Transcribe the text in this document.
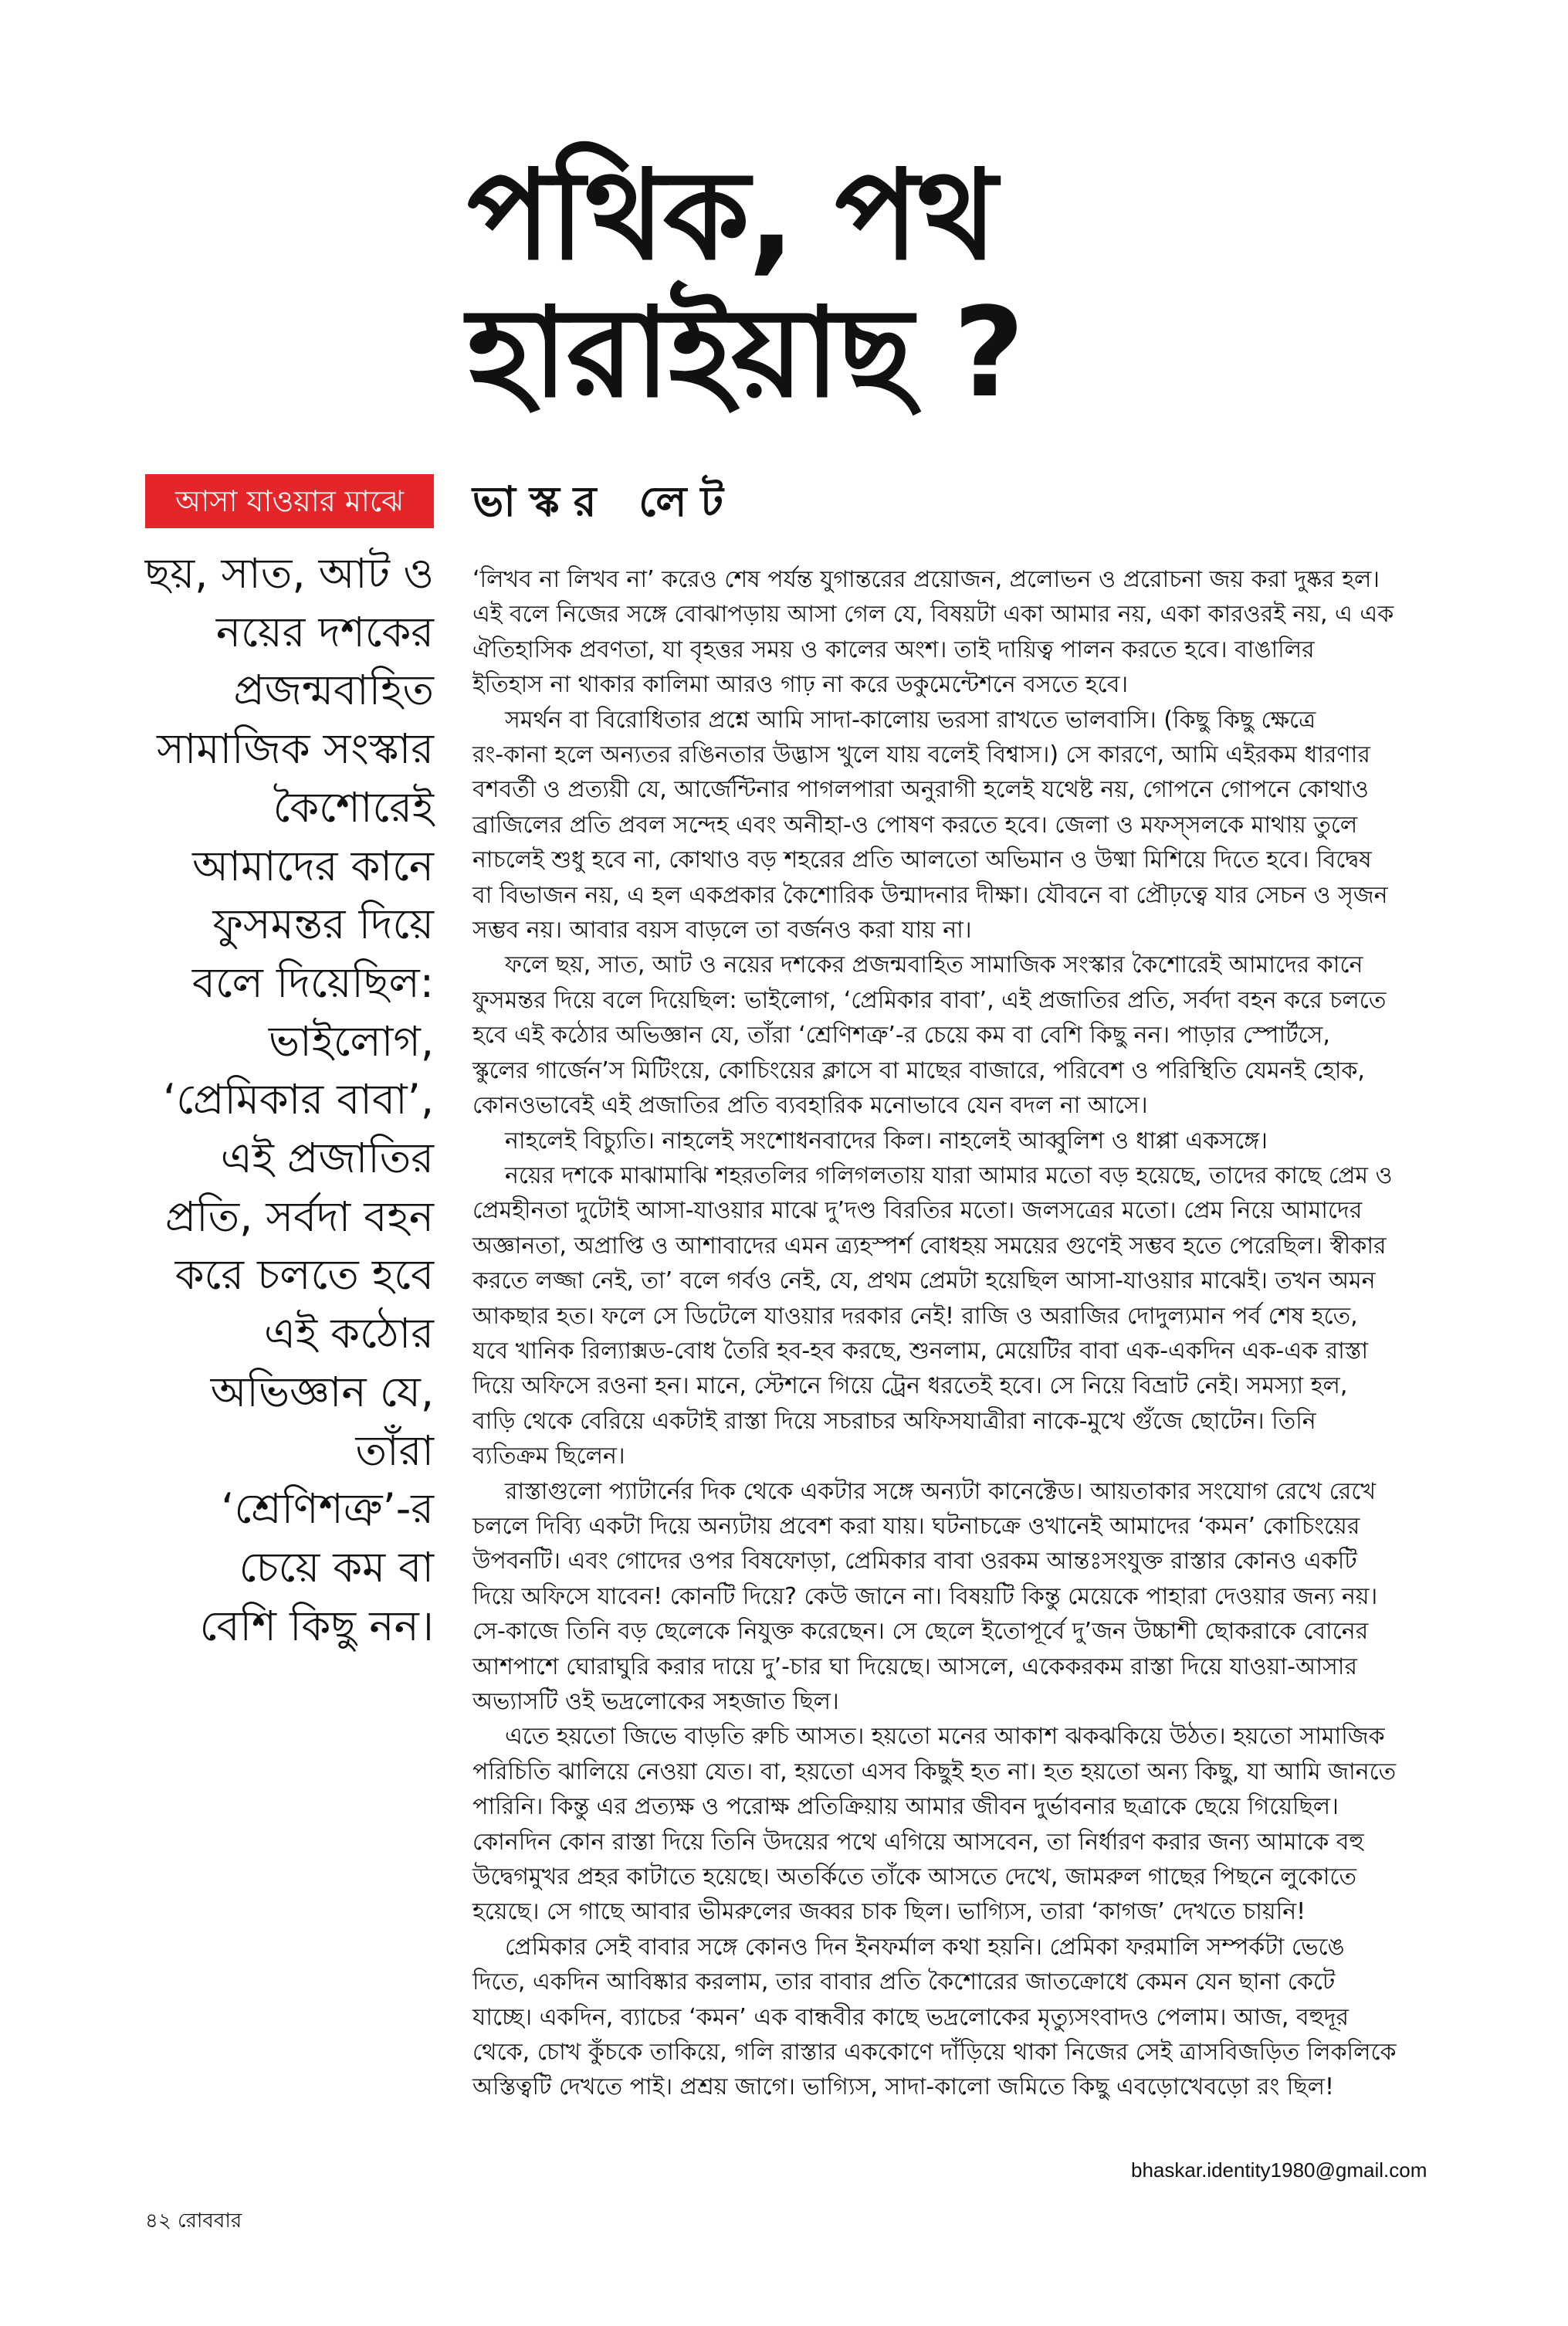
পথিক, পথ
হারাইয়াছ ?
আসা যাওয়ার মাঝে	ভাস্কর লেট
ছয়, সাত, আট ও
নয়ের দশকের
প্রজন্মবাহিত
সামাজিক সংস্কার
কৈশোরেই
আমাদের কানে
ফুসমন্তর দিয়ে
বলে দিয়েছিল:
ভাইলোগ,
‘প্রেমিকার বাবা’,
এই প্রজাতির
প্রতি, সর্বদা বহন
করে চলতে হবে
এই কঠোর
অভিজ্ঞান যে,
তাঁরা
‘শ্রেণিশত্রু’-র
চেয়ে কম বা
বেশি কিছু নন।
‘লিখব না লিখব না’ করেও শেষ পর্যন্ত যুগান্তরের প্রয়োজন, প্রলোভন ও প্ররোচনা জয় করা দুষ্কর হল।
এই বলে নিজের সঙ্গে বোঝাপড়ায় আসা গেল যে, বিষয়টা একা আমার নয়, একা কারওরই নয়, এ এক
ঐতিহাসিক প্রবণতা, যা বৃহত্তর সময় ও কালের অংশ। তাই দায়িত্ব পালন করতে হবে। বাঙালির
ইতিহাস না থাকার কালিমা আরও গাঢ় না করে ডকুমেন্টেশনে বসতে হবে।
সমর্থন বা বিরোধিতার প্রশ্নে আমি সাদা-কালোয় ভরসা রাখতে ভালবাসি। (কিছু কিছু ক্ষেত্রে
রং-কানা হলে অন্যতর রঙিনতার উদ্ভাস খুলে যায় বলেই বিশ্বাস।) সে কারণে, আমি এইরকম ধারণার
বশবর্তী ও প্রত্যয়ী যে, আর্জেন্টিনার পাগলপারা অনুরাগী হলেই যথেষ্ট নয়, গোপনে গোপনে কোথাও
ব্রাজিলের প্রতি প্রবল সন্দেহ এবং অনীহা-ও পোষণ করতে হবে। জেলা ও মফস্সলকে মাথায় তুলে
নাচলেই শুধু হবে না, কোথাও বড় শহরের প্রতি আলতো অভিমান ও উষ্মা মিশিয়ে দিতে হবে। বিদ্বেষ
বা বিভাজন নয়, এ হল একপ্রকার কৈশোরিক উন্মাদনার দীক্ষা। যৌবনে বা প্রৌঢ়ত্বে যার সেচন ও সৃজন
সম্ভব নয়। আবার বয়স বাড়লে তা বর্জনও করা যায় না।
ফলে ছয়, সাত, আট ও নয়ের দশকের প্রজন্মবাহিত সামাজিক সংস্কার কৈশোরেই আমাদের কানে
ফুসমন্তর দিয়ে বলে দিয়েছিল: ভাইলোগ, ‘প্রেমিকার বাবা’, এই প্রজাতির প্রতি, সর্বদা বহন করে চলতে
হবে এই কঠোর অভিজ্ঞান যে, তাঁরা ‘শ্রেণিশত্রু’-র চেয়ে কম বা বেশি কিছু নন। পাড়ার স্পোর্টসে,
স্কুলের গার্জেন’স মিটিংয়ে, কোচিংয়ের ক্লাসে বা মাছের বাজারে, পরিবেশ ও পরিস্থিতি যেমনই হোক,
কোনওভাবেই এই প্রজাতির প্রতি ব্যবহারিক মনোভাবে যেন বদল না আসে।
নাহলেই বিচ্যুতি। নাহলেই সংশোধনবাদের কিল। নাহলেই আব্বুলিশ ও ধাপ্পা একসঙ্গে।
নয়ের দশকে মাঝামাঝি শহরতলির গলিগলতায় যারা আমার মতো বড় হয়েছে, তাদের কাছে প্রেম ও
প্রেমহীনতা দুটোই আসা-যাওয়ার মাঝে দু’দণ্ড বিরতির মতো। জলসত্রের মতো। প্রেম নিয়ে আমাদের
অজ্ঞানতা, অপ্রাপ্তি ও আশাবাদের এমন ত্র্যহস্পর্শ বোধহয় সময়ের গুণেই সম্ভব হতে পেরেছিল। স্বীকার
করতে লজ্জা নেই, তা’ বলে গর্বও নেই, যে, প্রথম প্রেমটা হয়েছিল আসা-যাওয়ার মাঝেই। তখন অমন
আকছার হত। ফলে সে ডিটেলে যাওয়ার দরকার নেই! রাজি ও অরাজির দোদুল্যমান পর্ব শেষ হতে,
যবে খানিক রিল্যাক্সড-বোধ তৈরি হব-হব করছে, শুনলাম, মেয়েটির বাবা এক-একদিন এক-এক রাস্তা
দিয়ে অফিসে রওনা হন। মানে, স্টেশনে গিয়ে ট্রেন ধরতেই হবে। সে নিয়ে বিভ্রাট নেই। সমস্যা হল,
বাড়ি থেকে বেরিয়ে একটাই রাস্তা দিয়ে সচরাচর অফিসযাত্রীরা নাকে-মুখে গুঁজে ছোটেন। তিনি
ব্যতিক্রম ছিলেন।
রাস্তাগুলো প্যাটার্নের দিক থেকে একটার সঙ্গে অন্যটা কানেক্টেড। আয়তাকার সংযোগ রেখে রেখে
চললে দিব্যি একটা দিয়ে অন্যটায় প্রবেশ করা যায়। ঘটনাচক্রে ওখানেই আমাদের ‘কমন’ কোচিংয়ের
উপবনটি। এবং গোদের ওপর বিষফোড়া, প্রেমিকার বাবা ওরকম আন্তঃসংযুক্ত রাস্তার কোনও একটি
দিয়ে অফিসে যাবেন! কোনটি দিয়ে? কেউ জানে না। বিষয়টি কিন্তু মেয়েকে পাহারা দেওয়ার জন্য নয়।
সে-কাজে তিনি বড় ছেলেকে নিযুক্ত করেছেন। সে ছেলে ইতোপূর্বে দু’জন উচ্চাশী ছোকরাকে বোনের
আশপাশে ঘোরাঘুরি করার দায়ে দু’-চার ঘা দিয়েছে। আসলে, একেকরকম রাস্তা দিয়ে যাওয়া-আসার
অভ্যাসটি ওই ভদ্রলোকের সহজাত ছিল।
এতে হয়তো জিভে বাড়তি রুচি আসত। হয়তো মনের আকাশ ঝকঝকিয়ে উঠত। হয়তো সামাজিক
পরিচিতি ঝালিয়ে নেওয়া যেত। বা, হয়তো এসব কিছুই হত না। হত হয়তো অন্য কিছু, যা আমি জানতে
পারিনি। কিন্তু এর প্রত্যক্ষ ও পরোক্ষ প্রতিক্রিয়ায় আমার জীবন দুর্ভাবনার ছত্রাকে ছেয়ে গিয়েছিল।
কোনদিন কোন রাস্তা দিয়ে তিনি উদয়ের পথে এগিয়ে আসবেন, তা নির্ধারণ করার জন্য আমাকে বহু
উদ্বেগমুখর প্রহর কাটাতে হয়েছে। অতর্কিতে তাঁকে আসতে দেখে, জামরুল গাছের পিছনে লুকোতে
হয়েছে। সে গাছে আবার ভীমরুলের জব্বর চাক ছিল। ভাগ্যিস, তারা ‘কাগজ’ দেখতে চায়নি!
প্রেমিকার সেই বাবার সঙ্গে কোনও দিন ইনফর্মাল কথা হয়নি। প্রেমিকা ফরমালি সম্পর্কটা ভেঙে
দিতে, একদিন আবিষ্কার করলাম, তার বাবার প্রতি কৈশোরের জাতক্রোধে কেমন যেন ছানা কেটে
যাচ্ছে। একদিন, ব্যাচের ‘কমন’ এক বান্ধবীর কাছে ভদ্রলোকের মৃত্যুসংবাদও পেলাম। আজ, বহুদূর
থেকে, চোখ কুঁচকে তাকিয়ে, গলি রাস্তার এককোণে দাঁড়িয়ে থাকা নিজের সেই ত্রাসবিজড়িত লিকলিকে
অস্তিত্বটি দেখতে পাই। প্রশ্রয় জাগে। ভাগ্যিস, সাদা-কালো জমিতে কিছু এবড়োখেবড়ো রং ছিল!
bhaskar.identity1980@gmail.com
৪২ রোববার
